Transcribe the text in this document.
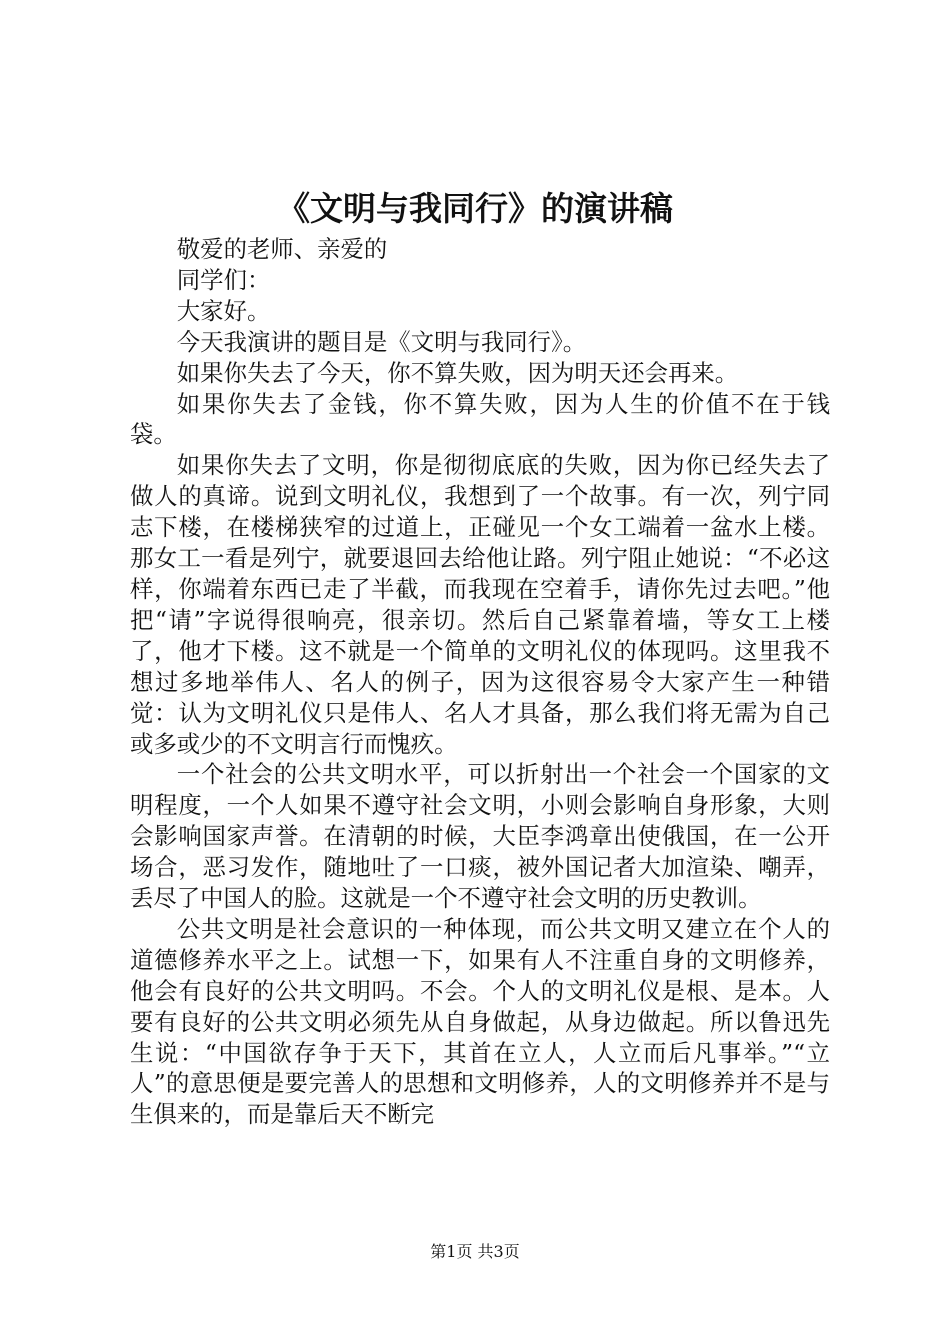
《文明与我同行》的演讲稿

敬爱的老师、亲爱的

同学们：

大家好。

今天我演讲的题目是《文明与我同行》。

如果你失去了今天，你不算失败，因为明天还会再来。

如果你失去了金钱，你不算失败，因为人生的价值不在于钱袋。

如果你失去了文明，你是彻彻底底的失败，因为你已经失去了做人的真谛。说到文明礼仪，我想到了一个故事。有一次，列宁同志下楼，在楼梯狭窄的过道上，正碰见一个女工端着一盆水上楼。那女工一看是列宁，就要退回去给他让路。列宁阻止她说：“不必这样，你端着东西已走了半截，而我现在空着手，请你先过去吧。”他把“请”字说得很响亮，很亲切。然后自己紧靠着墙，等女工上楼了，他才下楼。这不就是一个简单的文明礼仪的体现吗。这里我不想过多地举伟人、名人的例子，因为这很容易令大家产生一种错觉：认为文明礼仪只是伟人、名人才具备，那么我们将无需为自己或多或少的不文明言行而愧疚。

一个社会的公共文明水平，可以折射出一个社会一个国家的文明程度，一个人如果不遵守社会文明，小则会影响自身形象，大则会影响国家声誉。在清朝的时候，大臣李鸿章出使俄国，在一公开场合，恶习发作，随地吐了一口痰，被外国记者大加渲染、嘲弄，丢尽了中国人的脸。这就是一个不遵守社会文明的历史教训。

公共文明是社会意识的一种体现，而公共文明又建立在个人的道德修养水平之上。试想一下，如果有人不注重自身的文明修养，他会有良好的公共文明吗。不会。个人的文明礼仪是根、是本。人要有良好的公共文明必须先从自身做起，从身边做起。所以鲁迅先生说：“中国欲存争于天下，其首在立人，人立而后凡事举。”“立人”的意思便是要完善人的思想和文明修养，人的文明修养并不是与生俱来的，而是靠后天不断完

第1页 共3页
